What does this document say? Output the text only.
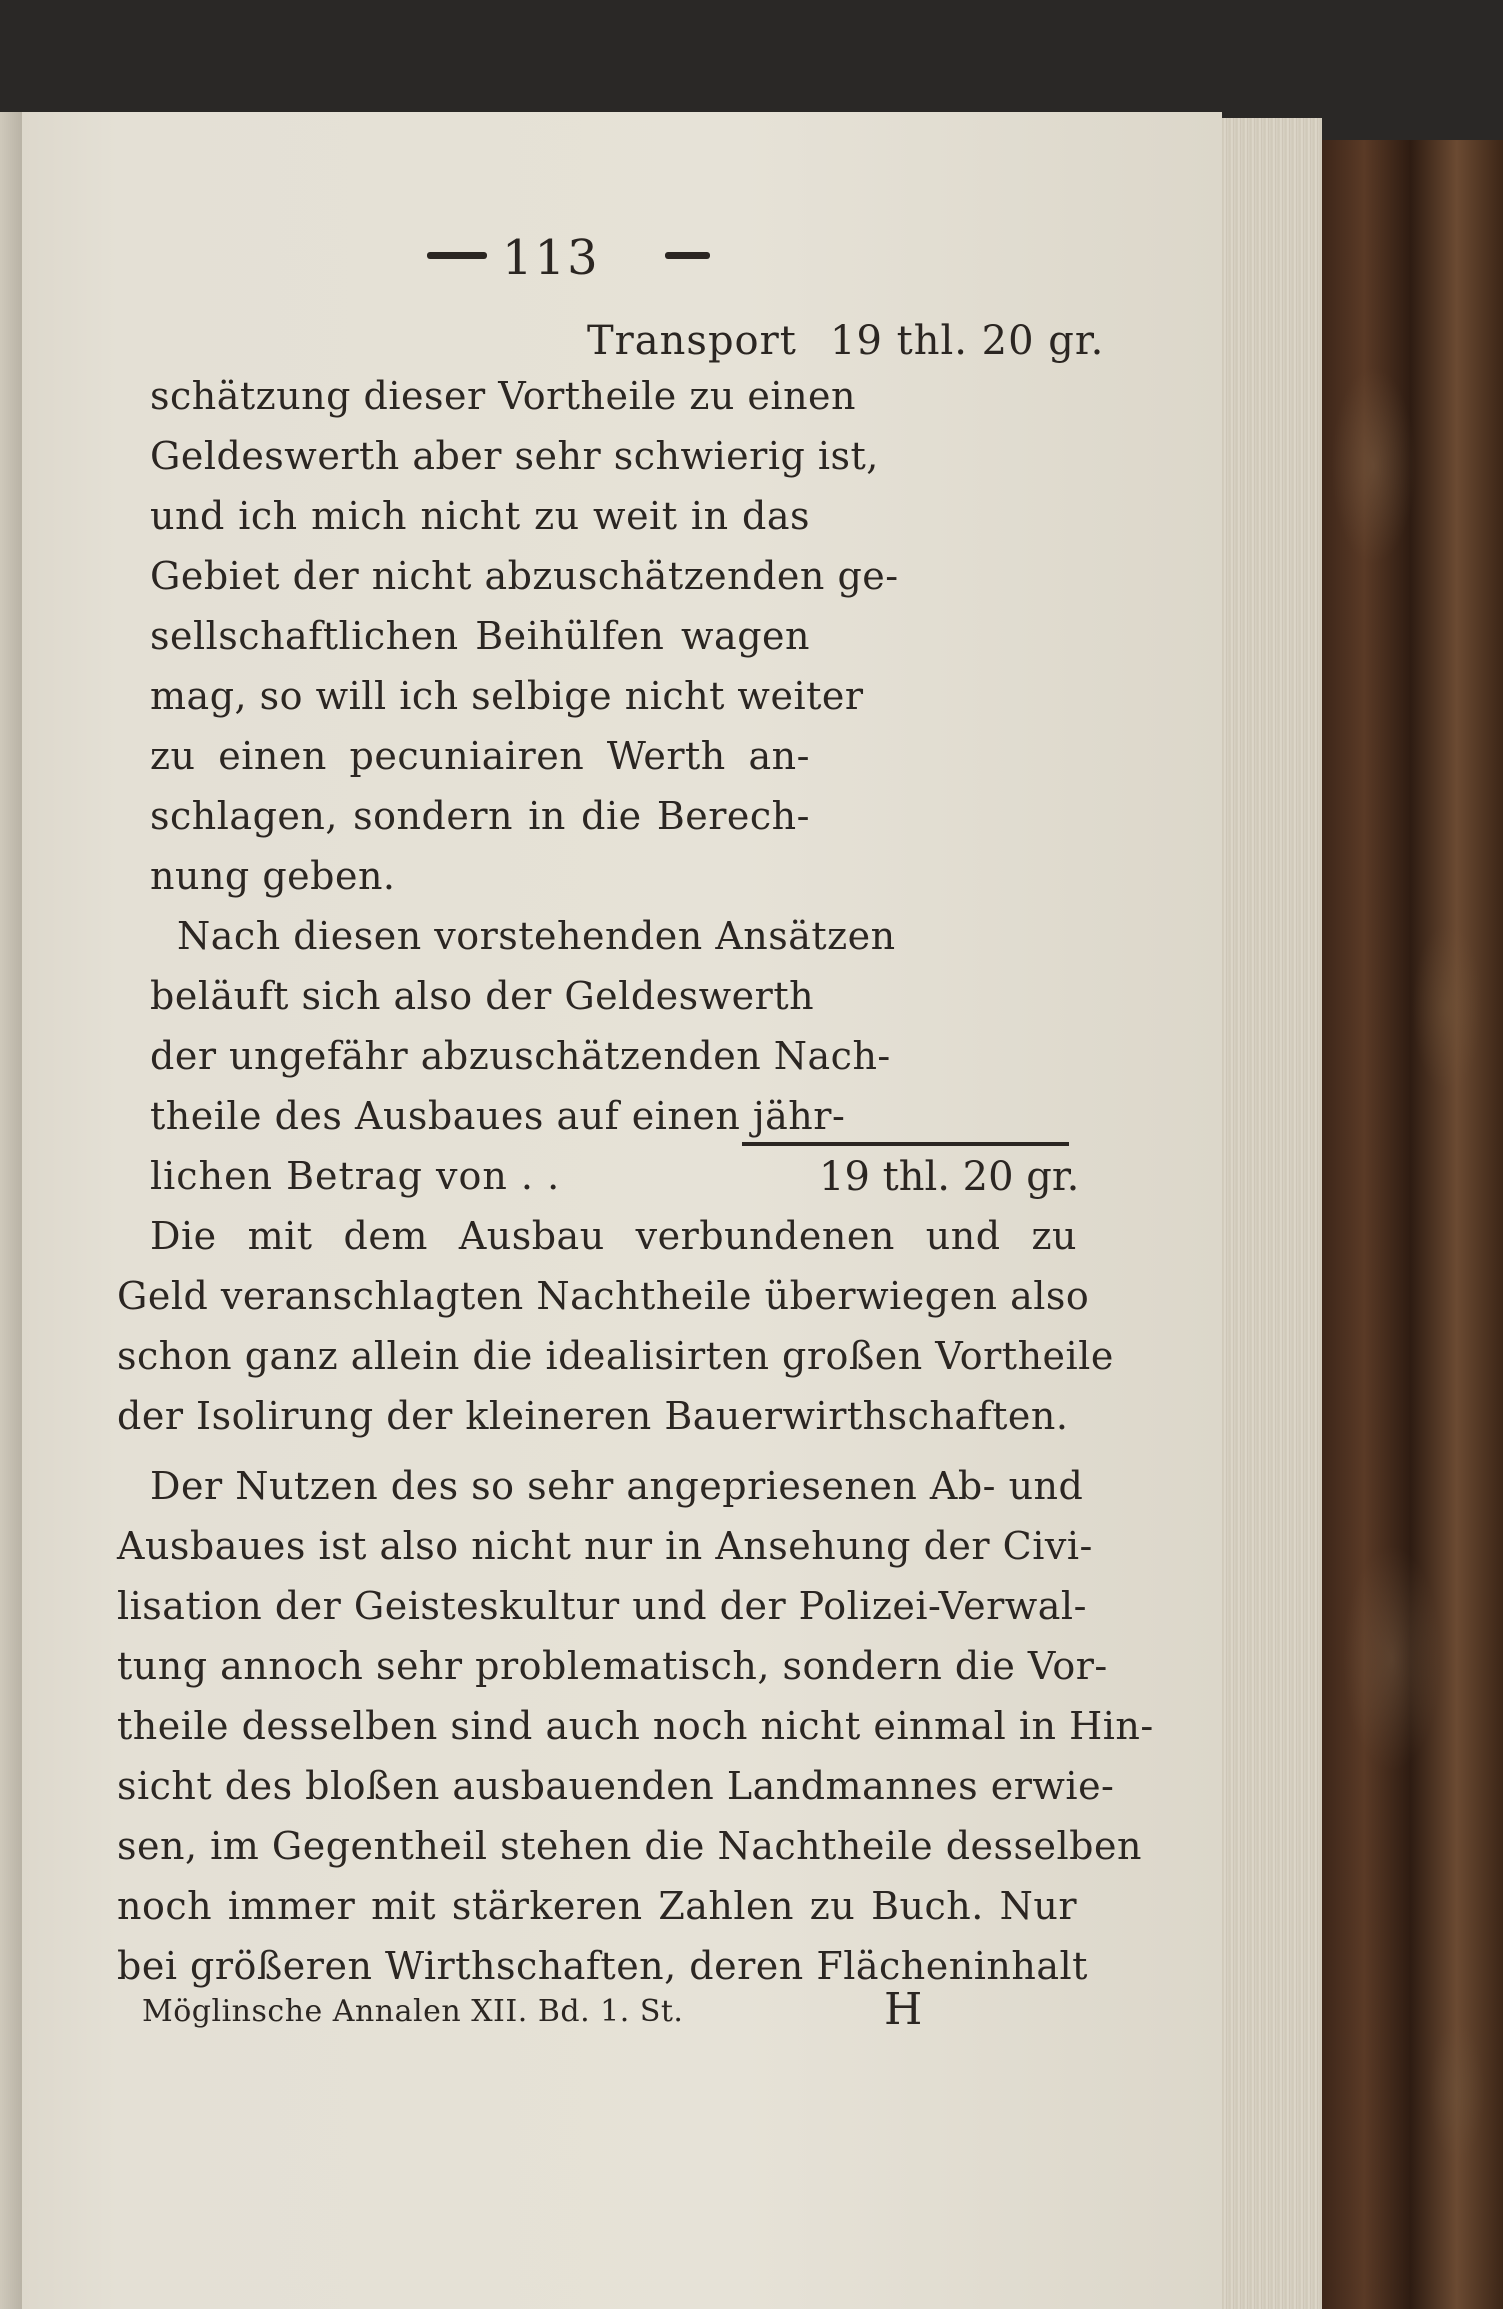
113
Transport 19 thl. 20 gr.
schätzung dieser Vortheile zu einen
Geldeswerth aber sehr schwierig ist,
und ich mich nicht zu weit in das
Gebiet der nicht abzuschätzenden ge-
sellschaftlichen Beihülfen wagen
mag, so will ich selbige nicht weiter
zu einen pecuniairen Werth an-
schlagen, sondern in die Berech-
nung geben.
Nach diesen vorstehenden Ansätzen
beläuft sich also der Geldeswerth
der ungefähr abzuschätzenden Nach-
theile des Ausbaues auf einen jähr-
lichen Betrag von . .	19 thl. 20 gr.
Die mit dem Ausbau verbundenen und zu
Geld veranschlagten Nachtheile überwiegen also
schon ganz allein die idealisirten großen Vortheile
der Isolirung der kleineren Bauerwirthschaften.
Der Nutzen des so sehr angepriesenen Ab- und
Ausbaues ist also nicht nur in Ansehung der Civi-
lisation der Geisteskultur und der Polizei-Verwal-
tung annoch sehr problematisch, sondern die Vor-
theile desselben sind auch noch nicht einmal in Hin-
sicht des bloßen ausbauenden Landmannes erwie-
sen, im Gegentheil stehen die Nachtheile desselben
noch immer mit stärkeren Zahlen zu Buch. Nur
bei größeren Wirthschaften, deren Flächeninhalt
Möglinsche Annalen XII. Bd. 1. St.	H
